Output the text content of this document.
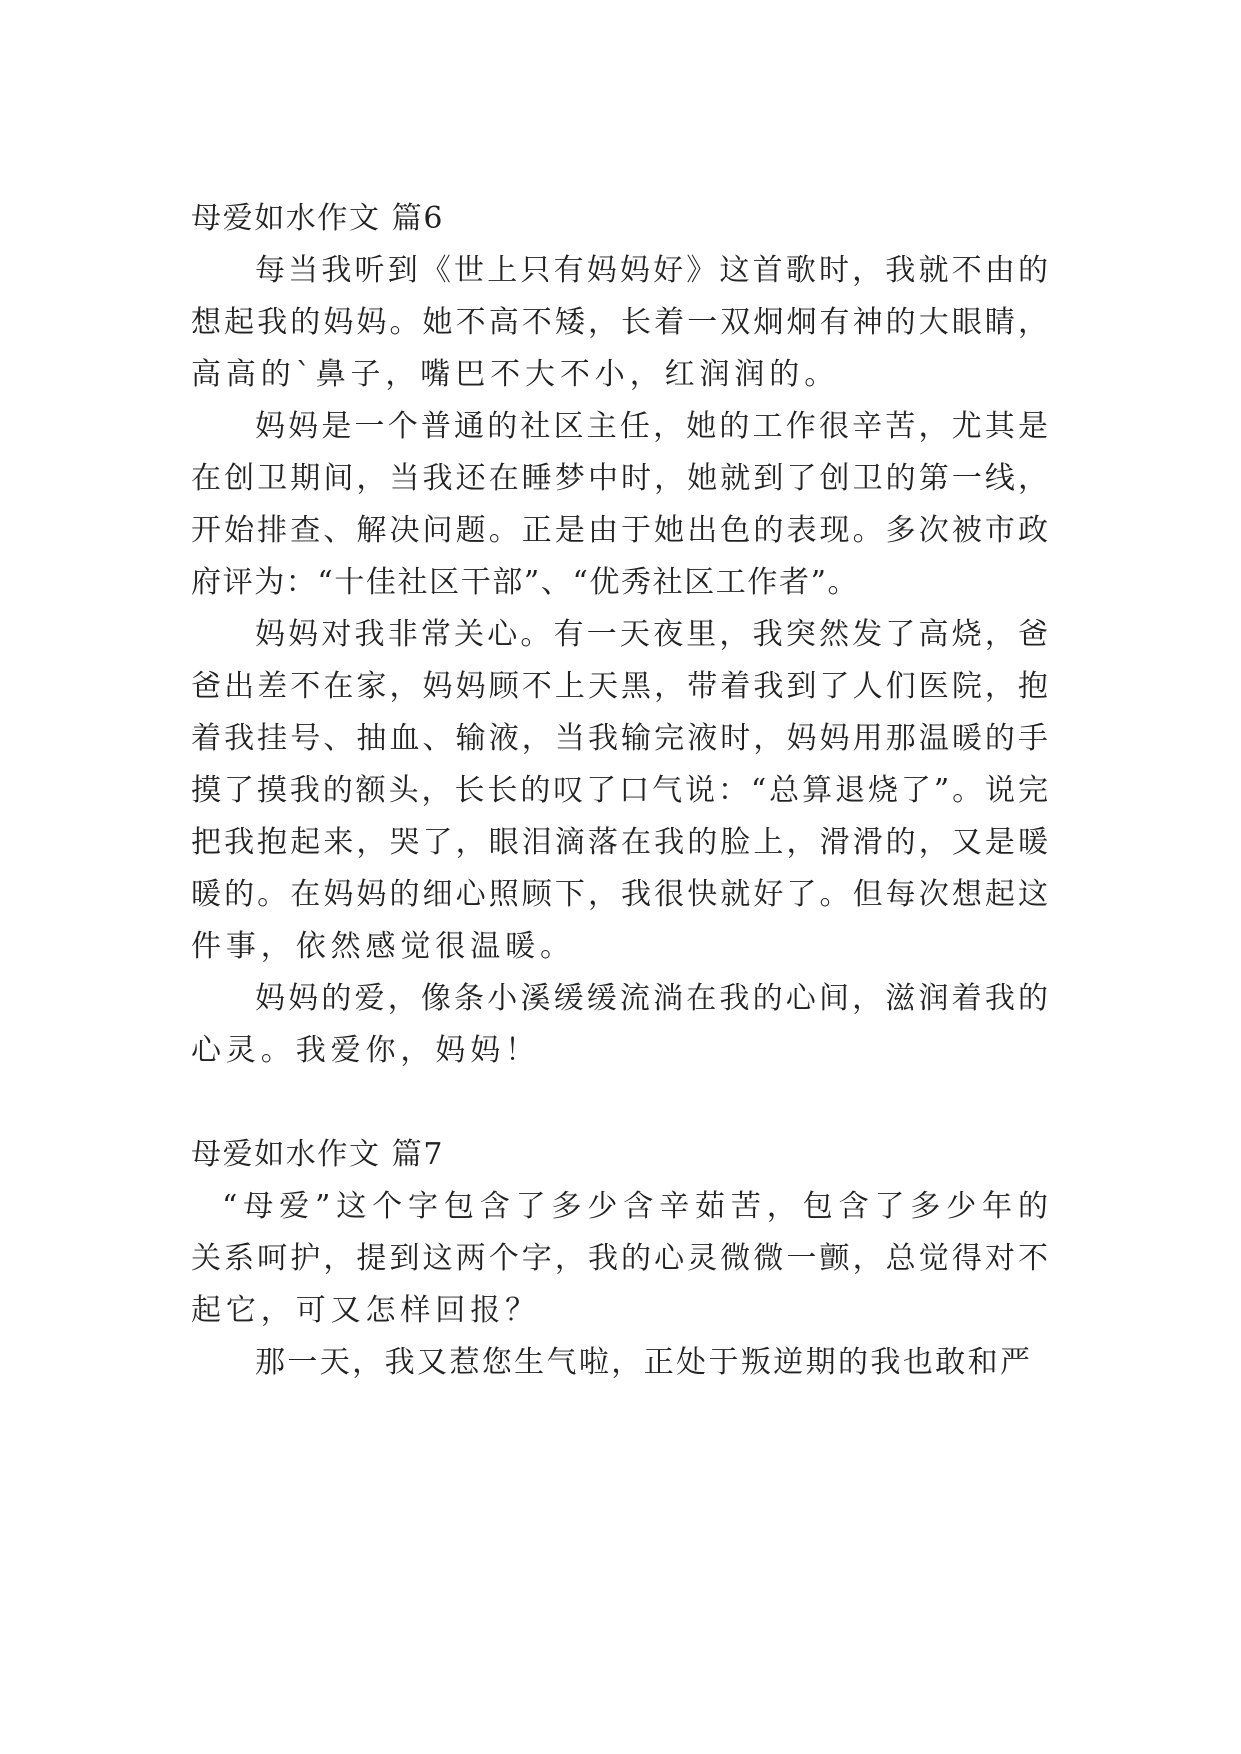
母爱如水作文 篇6
每当我听到《世上只有妈妈好》这首歌时，我就不由的
想起我的妈妈。她不高不矮，长着一双炯炯有神的大眼睛，
高高的`鼻子，嘴巴不大不小，红润润的。
妈妈是一个普通的社区主任，她的工作很辛苦，尤其是
在创卫期间，当我还在睡梦中时，她就到了创卫的第一线，
开始排查、解决问题。正是由于她出色的表现。多次被市政
府评为：“十佳社区干部”、“优秀社区工作者”。
妈妈对我非常关心。有一天夜里，我突然发了高烧，爸
爸出差不在家，妈妈顾不上天黑，带着我到了人们医院，抱
着我挂号、抽血、输液，当我输完液时，妈妈用那温暖的手
摸了摸我的额头，长长的叹了口气说：“总算退烧了”。说完
把我抱起来，哭了，眼泪滴落在我的脸上，滑滑的，又是暖
暖的。在妈妈的细心照顾下，我很快就好了。但每次想起这
件事，依然感觉很温暖。
妈妈的爱，像条小溪缓缓流淌在我的心间，滋润着我的
心灵。我爱你，妈妈！
母爱如水作文 篇7
“母爱”这个字包含了多少含辛茹苦，包含了多少年的
关系呵护，提到这两个字，我的心灵微微一颤，总觉得对不
起它，可又怎样回报？
那一天，我又惹您生气啦，正处于叛逆期的我也敢和严
